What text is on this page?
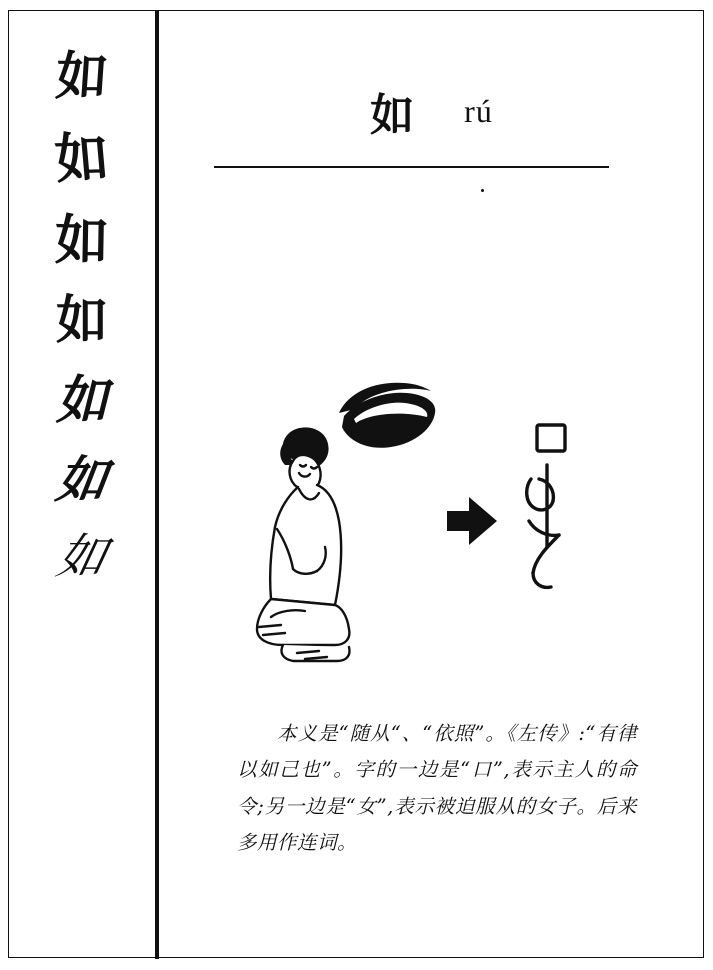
如
如
如
如
如
如
如
如 rú
本义是“随从“、“依照”。《左传》:“有律以如己也”。字的一边是“口”,表示主人的命令;另一边是“女”,表示被迫服从的女子。后来多用作连词。
